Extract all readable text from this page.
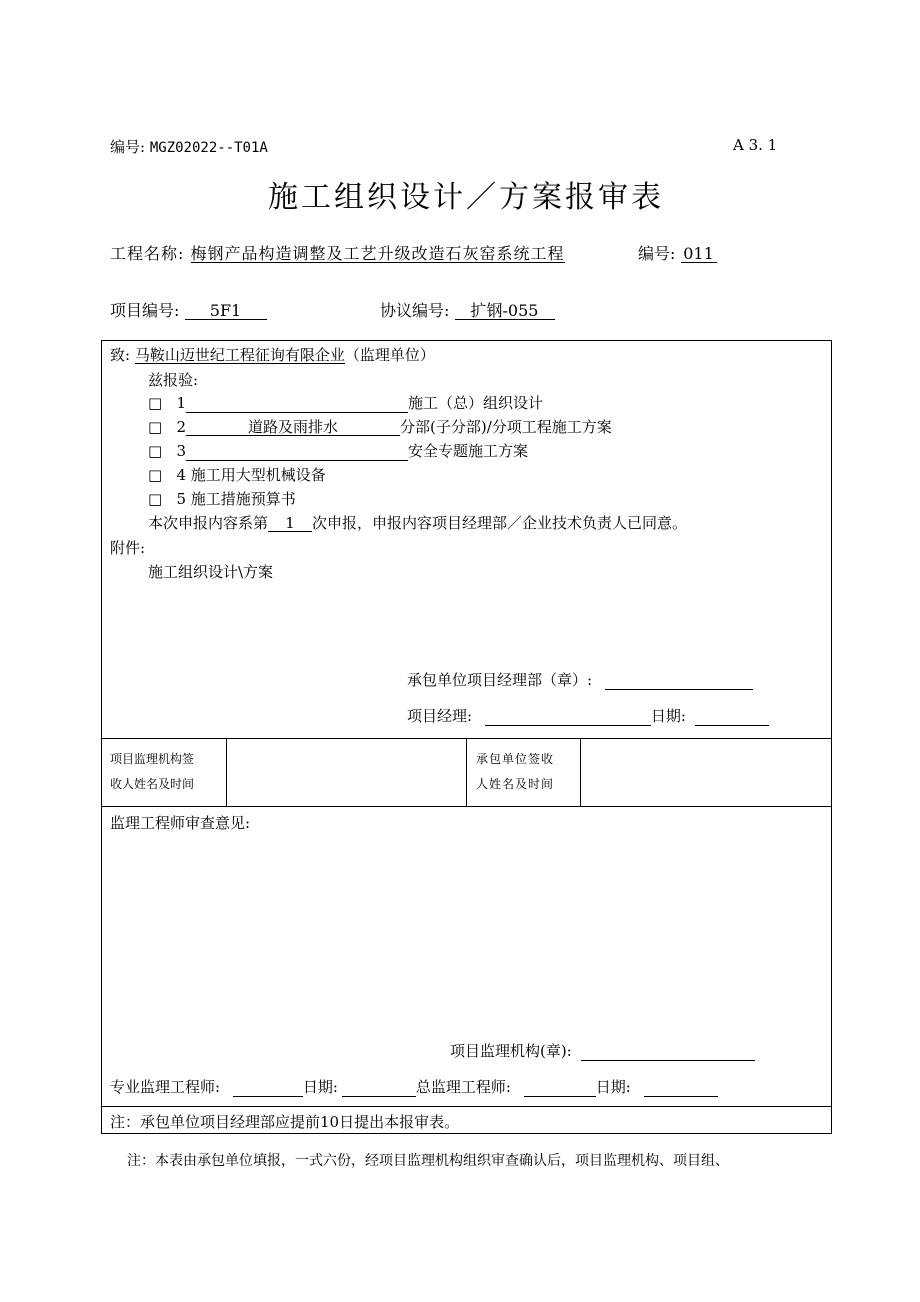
编号: MGZ02022--T01A	A 3. 1
施工组织设计／方案报审表
工程名称: 梅钢产品构造调整及工艺升级改造石灰窑系统工程	编号: 011
项目编号: 5F1	协议编号: 扩钢-055
致: 马鞍山迈世纪工程征询有限企业（监理单位）
兹报验:
□ 1	施工（总）组织设计
□ 2	道路及雨排水	分部(子分部)/分项工程施工方案
□ 3	安全专题施工方案
□ 4 施工用大型机械设备
□ 5 施工措施预算书
本次申报内容系第 1 次申报，申报内容项目经理部／企业技术负责人已同意。
附件:
施工组织设计\方案
承包单位项目经理部（章）:
项目经理:	日期:
项目监理机构签
收人姓名及时间
承包单位签收
人姓名及时间
监理工程师审查意见:
项目监理机构(章):
专业监理工程师:	日期:	总监理工程师:	日期:
注：承包单位项目经理部应提前10日提出本报审表。
注：本表由承包单位填报，一式六份，经项目监理机构组织审查确认后，项目监理机构、项目组、
